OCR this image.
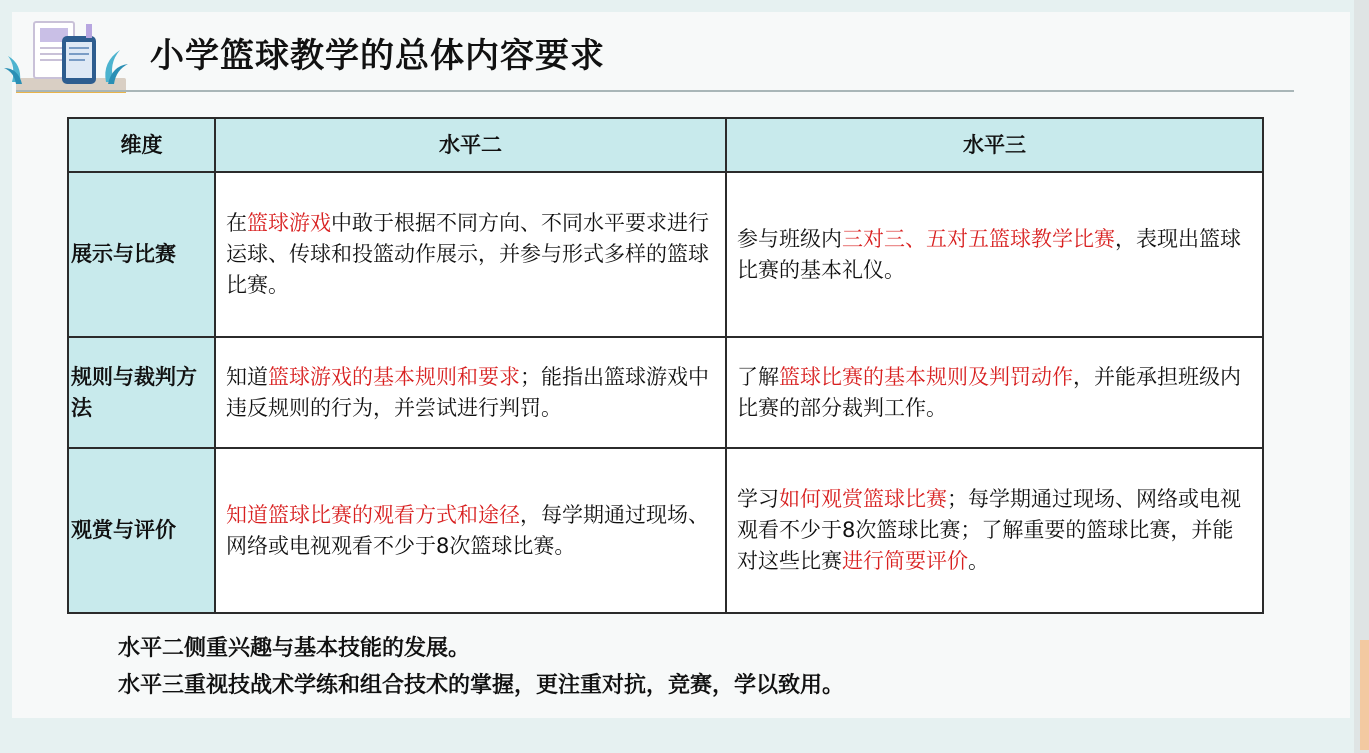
小学篮球教学的总体内容要求
维度	水平二	水平三
展示与比赛	在篮球游戏中敢于根据不同方向、不同水平要求进行运球、传球和投篮动作展示，并参与形式多样的篮球比赛。	参与班级内三对三、五对五篮球教学比赛，表现出篮球比赛的基本礼仪。
规则与裁判方法	知道篮球游戏的基本规则和要求；能指出篮球游戏中违反规则的行为，并尝试进行判罚。	了解篮球比赛的基本规则及判罚动作，并能承担班级内比赛的部分裁判工作。
观赏与评价	知道篮球比赛的观看方式和途径，每学期通过现场、网络或电视观看不少于8次篮球比赛。	学习如何观赏篮球比赛；每学期通过现场、网络或电视观看不少于8次篮球比赛；了解重要的篮球比赛，并能对这些比赛进行简要评价。
水平二侧重兴趣与基本技能的发展。
水平三重视技战术学练和组合技术的掌握，更注重对抗，竞赛，学以致用。
